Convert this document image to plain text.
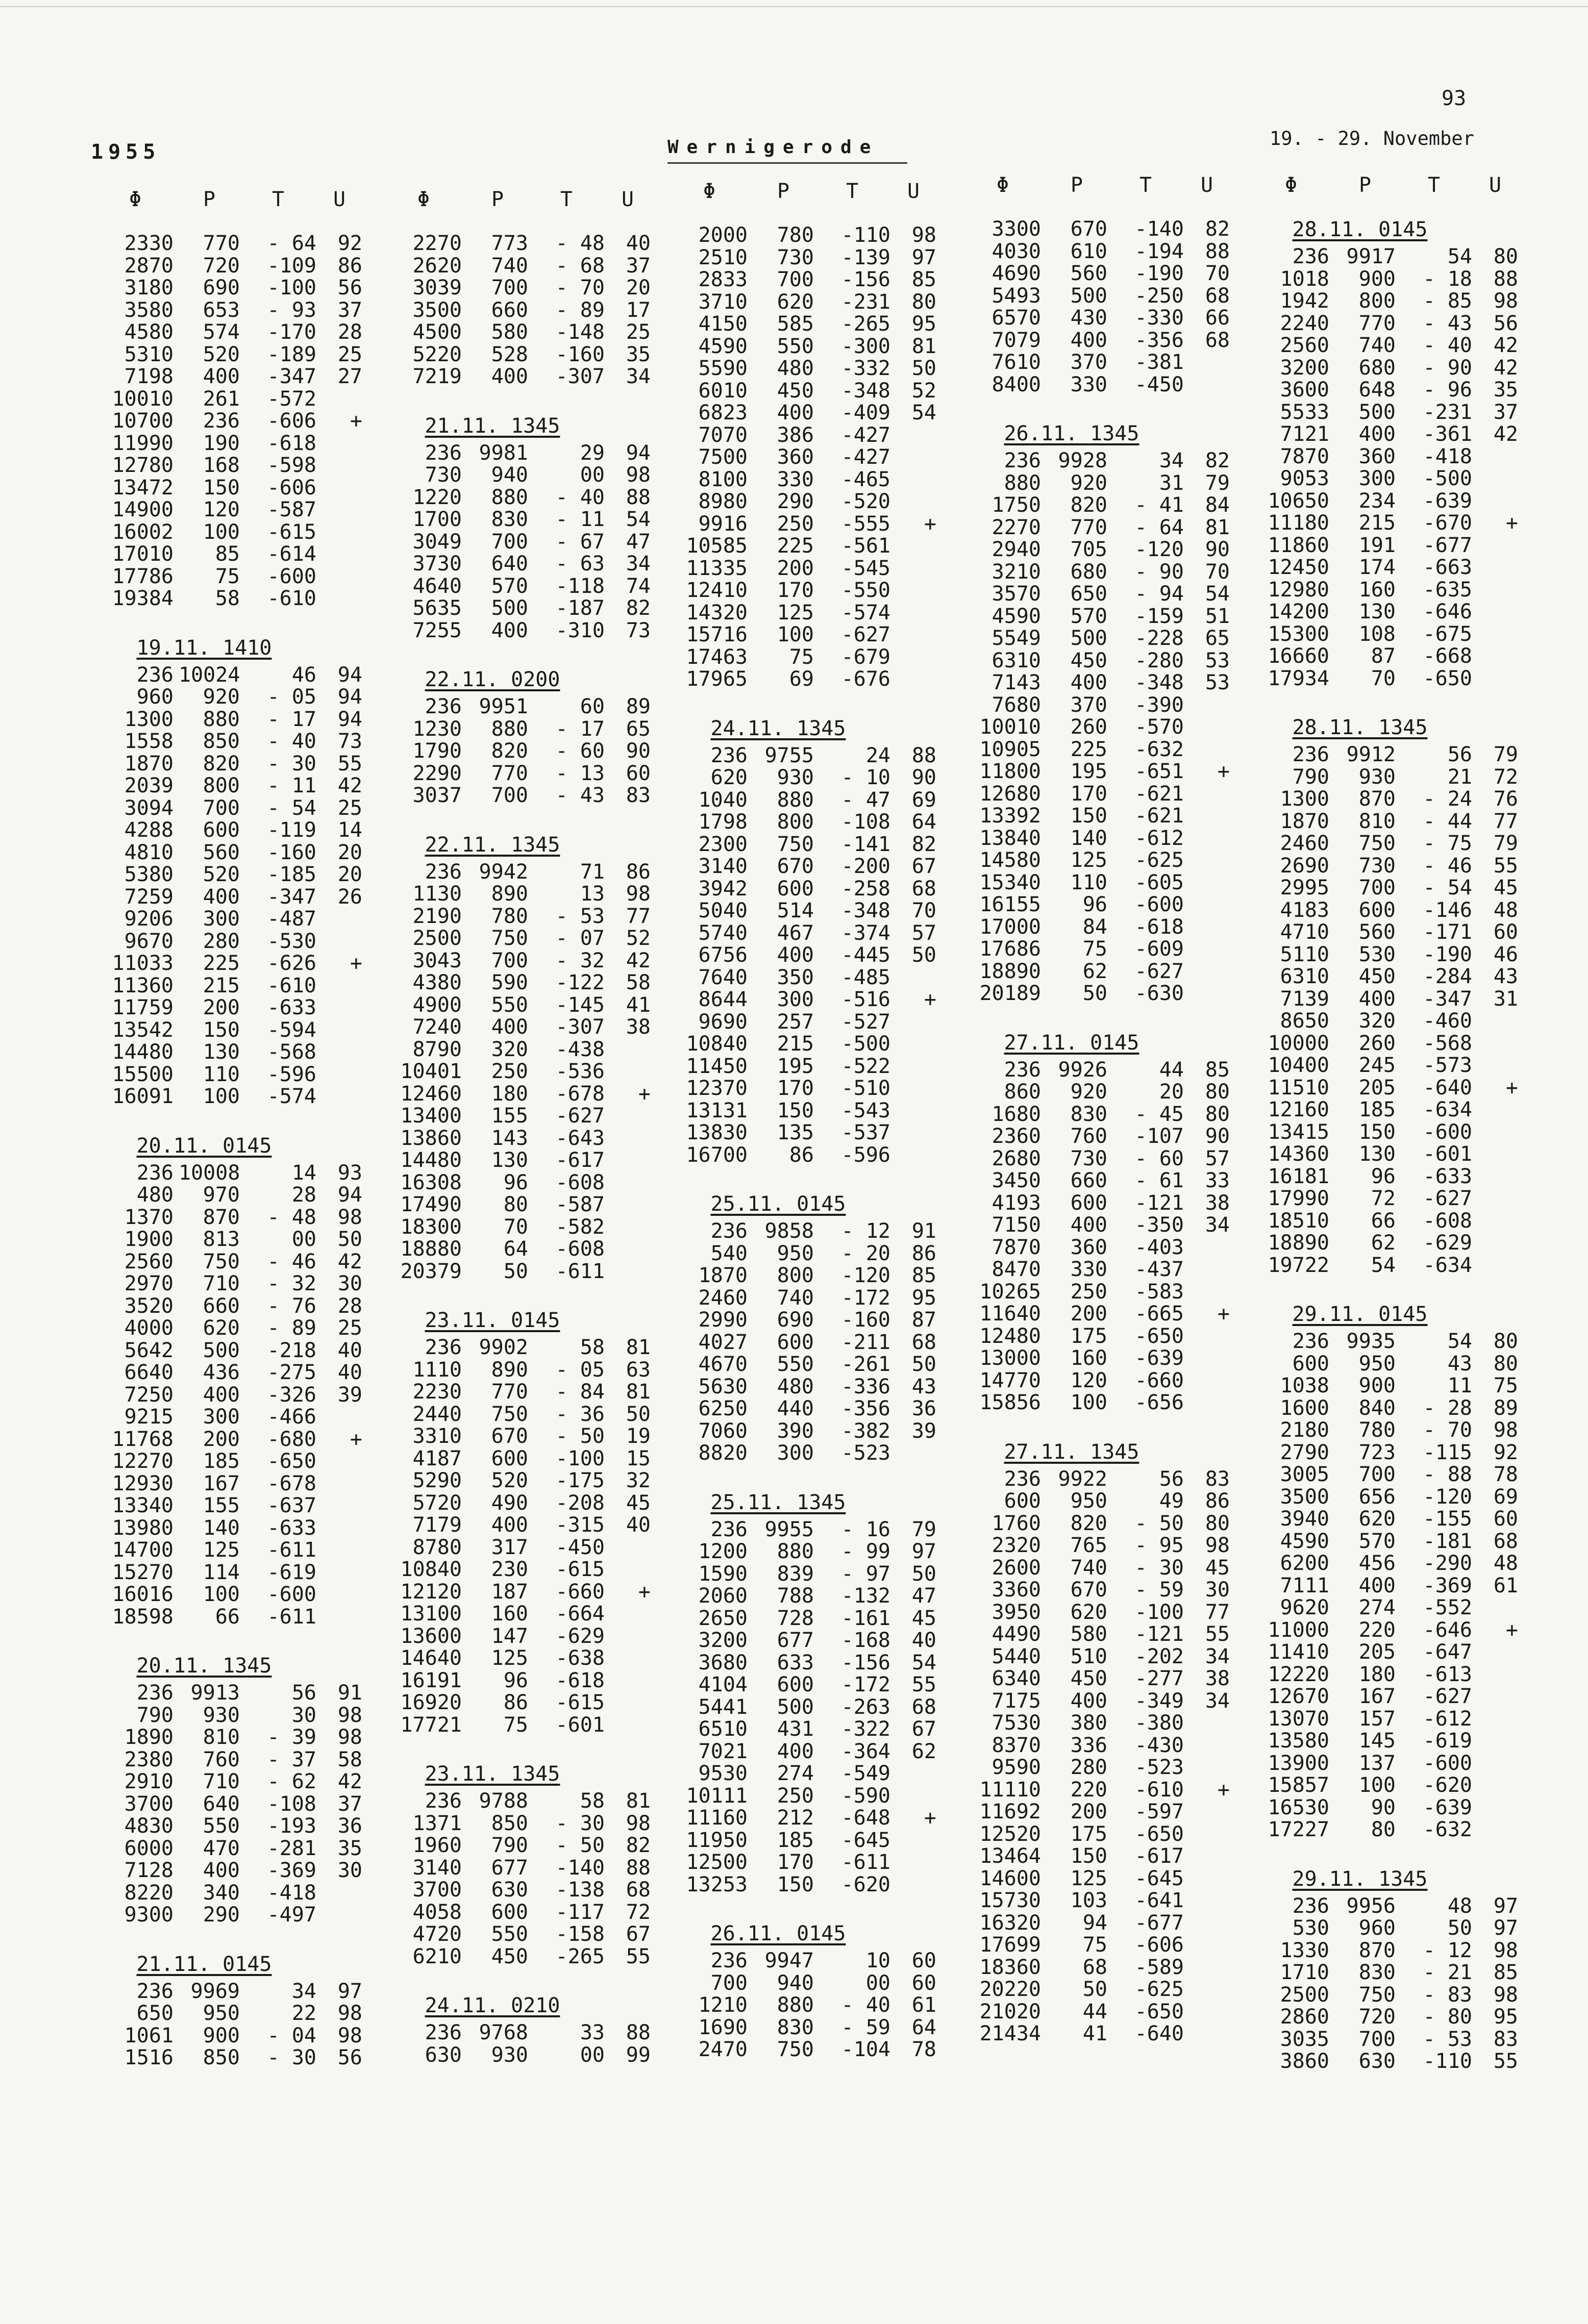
1955	Wernigerode
93
19. - 29. November
Φ	P	T	U
2330	770	- 64	92
2870	720	-109	86
3180	690	-100	56
3580	653	- 93	37
4580	574	-170	28
5310	520	-189	25
7198	400	-347	27
10010	261	-572
10700	236	-606	+
11990	190	-618
12780	168	-598
13472	150	-606
14900	120	-587
16002	100	-615
17010	85	-614
17786	75	-600
19384	58	-610
19.11. 1410
236 10024	46	94
960	920	- 05	94
1300	880	- 17	94
1558	850	- 40	73
1870	820	- 30	55
2039	800	- 11	42
3094	700	- 54	25
4288	600	-119	14
4810	560	-160	20
5380	520	-185	20
7259	400	-347	26
9206	300	-487
9670	280	-530
11033	225	-626	+
11360	215	-610
11759	200	-633
13542	150	-594
14480	130	-568
15500	110	-596
16091	100	-574
20.11. 0145
236 10008	14	93
480	970	28	94
1370	870	- 48	98
1900	813	00	50
2560	750	- 46	42
2970	710	- 32	30
3520	660	- 76	28
4000	620	- 89	25
5642	500	-218	40
6640	436	-275	40
7250	400	-326	39
9215	300	-466
11768	200	-680	+
12270	185	-650
12930	167	-678
13340	155	-637
13980	140	-633
14700	125	-611
15270	114	-619
16016	100	-600
18598	66	-611
20.11. 1345
236 9913	56	91
790	930	30	98
1890	810	- 39	98
2380	760	- 37	58
2910	710	- 62	42
3700	640	-108	37
4830	550	-193	36
6000	470	-281	35
7128	400	-369	30
8220	340	-418
9300	290	-497
21.11. 0145
236 9969	34	97
650	950	22	98
1061	900	- 04	98
1516	850	- 30	56
Φ	P	T	U
2270	773	- 48	40
2620	740	- 68	37
3039	700	- 70	20
3500	660	- 89	17
4500	580	-148	25
5220	528	-160	35
7219	400	-307	34
21.11. 1345
236 9981	29	94
730	940	00	98
1220	880	- 40	88
1700	830	- 11	54
3049	700	- 67	47
3730	640	- 63	34
4640	570	-118	74
5635	500	-187	82
7255	400	-310	73
22.11. 0200
236 9951	60	89
1230	880	- 17	65
1790	820	- 60	90
2290	770	- 13	60
3037	700	- 43	83
22.11. 1345
236 9942	71	86
1130	890	13	98
2190	780	- 53	77
2500	750	- 07	52
3043	700	- 32	42
4380	590	-122	58
4900	550	-145	41
7240	400	-307	38
8790	320	-438
10401	250	-536
12460	180	-678	+
13400	155	-627
13860	143	-643
14480	130	-617
16308	96	-608
17490	80	-587
18300	70	-582
18880	64	-608
20379	50	-611
23.11. 0145
236 9902	58	81
1110	890	- 05	63
2230	770	- 84	81
2440	750	- 36	50
3310	670	- 50	19
4187	600	-100	15
5290	520	-175	32
5720	490	-208	45
7179	400	-315	40
8780	317	-450
10840	230	-615
12120	187	-660	+
13100	160	-664
13600	147	-629
14640	125	-638
16191	96	-618
16920	86	-615
17721	75	-601
23.11. 1345
236 9788	58	81
1371	850	- 30	98
1960	790	- 50	82
3140	677	-140	88
3700	630	-138	68
4058	600	-117	72
4720	550	-158	67
6210	450	-265	55
24.11. 0210
236 9768	33	88
630	930	00	99
Φ	P	T	U
2000	780	-110	98
2510	730	-139	97
2833	700	-156	85
3710	620	-231	80
4150	585	-265	95
4590	550	-300	81
5590	480	-332	50
6010	450	-348	52
6823	400	-409	54
7070	386	-427
7500	360	-427
8100	330	-465
8980	290	-520
9916	250	-555	+
10585	225	-561
11335	200	-545
12410	170	-550
14320	125	-574
15716	100	-627
17463	75	-679
17965	69	-676
24.11. 1345
236 9755	24	88
620	930	- 10	90
1040	880	- 47	69
1798	800	-108	64
2300	750	-141	82
3140	670	-200	67
3942	600	-258	68
5040	514	-348	70
5740	467	-374	57
6756	400	-445	50
7640	350	-485
8644	300	-516	+
9690	257	-527
10840	215	-500
11450	195	-522
12370	170	-510
13131	150	-543
13830	135	-537
16700	86	-596
25.11. 0145
236 9858	- 12	91
540	950	- 20	86
1870	800	-120	85
2460	740	-172	95
2990	690	-160	87
4027	600	-211	68
4670	550	-261	50
5630	480	-336	43
6250	440	-356	36
7060	390	-382	39
8820	300	-523
25.11. 1345
236 9955	- 16	79
1200	880	- 99	97
1590	839	- 97	50
2060	788	-132	47
2650	728	-161	45
3200	677	-168	40
3680	633	-156	54
4104	600	-172	55
5441	500	-263	68
6510	431	-322	67
7021	400	-364	62
9530	274	-549
10111	250	-590
11160	212	-648	+
11950	185	-645
12500	170	-611
13253	150	-620
26.11. 0145
236 9947	10	60
700	940	00	60
1210	880	- 40	61
1690	830	- 59	64
2470	750	-104	78
Φ	P	T	U
3300	670	-140	82
4030	610	-194	88
4690	560	-190	70
5493	500	-250	68
6570	430	-330	66
7079	400	-356	68
7610	370	-381
8400	330	-450
26.11. 1345
236 9928	34	82
880	920	31	79
1750	820	- 41	84
2270	770	- 64	81
2940	705	-120	90
3210	680	- 90	70
3570	650	- 94	54
4590	570	-159	51
5549	500	-228	65
6310	450	-280	53
7143	400	-348	53
7680	370	-390
10010	260	-570
10905	225	-632
11800	195	-651	+
12680	170	-621
13392	150	-621
13840	140	-612
14580	125	-625
15340	110	-605
16155	96	-600
17000	84	-618
17686	75	-609
18890	62	-627
20189	50	-630
27.11. 0145
236 9926	44	85
860	920	20	80
1680	830	- 45	80
2360	760	-107	90
2680	730	- 60	57
3450	660	- 61	33
4193	600	-121	38
7150	400	-350	34
7870	360	-403
8470	330	-437
10265	250	-583
11640	200	-665	+
12480	175	-650
13000	160	-639
14770	120	-660
15856	100	-656
27.11. 1345
236 9922	56	83
600	950	49	86
1760	820	- 50	80
2320	765	- 95	98
2600	740	- 30	45
3360	670	- 59	30
3950	620	-100	77
4490	580	-121	55
5440	510	-202	34
6340	450	-277	38
7175	400	-349	34
7530	380	-380
8370	336	-430
9590	280	-523
11110	220	-610	+
11692	200	-597
12520	175	-650
13464	150	-617
14600	125	-645
15730	103	-641
16320	94	-677
17699	75	-606
18360	68	-589
20220	50	-625
21020	44	-650
21434	41	-640
Φ	P	T	U
28.11. 0145
236 9917	54	80
1018	900	- 18	88
1942	800	- 85	98
2240	770	- 43	56
2560	740	- 40	42
3200	680	- 90	42
3600	648	- 96	35
5533	500	-231	37
7121	400	-361	42
7870	360	-418
9053	300	-500
10650	234	-639
11180	215	-670	+
11860	191	-677
12450	174	-663
12980	160	-635
14200	130	-646
15300	108	-675
16660	87	-668
17934	70	-650
28.11. 1345
236 9912	56	79
790	930	21	72
1300	870	- 24	76
1870	810	- 44	77
2460	750	- 75	79
2690	730	- 46	55
2995	700	- 54	45
4183	600	-146	48
4710	560	-171	60
5110	530	-190	46
6310	450	-284	43
7139	400	-347	31
8650	320	-460
10000	260	-568
10400	245	-573
11510	205	-640	+
12160	185	-634
13415	150	-600
14360	130	-601
16181	96	-633
17990	72	-627
18510	66	-608
18890	62	-629
19722	54	-634
29.11. 0145
236 9935	54	80
600	950	43	80
1038	900	11	75
1600	840	- 28	89
2180	780	- 70	98
2790	723	-115	92
3005	700	- 88	78
3500	656	-120	69
3940	620	-155	60
4590	570	-181	68
6200	456	-290	48
7111	400	-369	61
9620	274	-552
11000	220	-646	+
11410	205	-647
12220	180	-613
12670	167	-627
13070	157	-612
13580	145	-619
13900	137	-600
15857	100	-620
16530	90	-639
17227	80	-632
29.11. 1345
236 9956	48	97
530	960	50	97
1330	870	- 12	98
1710	830	- 21	85
2500	750	- 83	98
2860	720	- 80	95
3035	700	- 53	83
3860	630	-110	55
